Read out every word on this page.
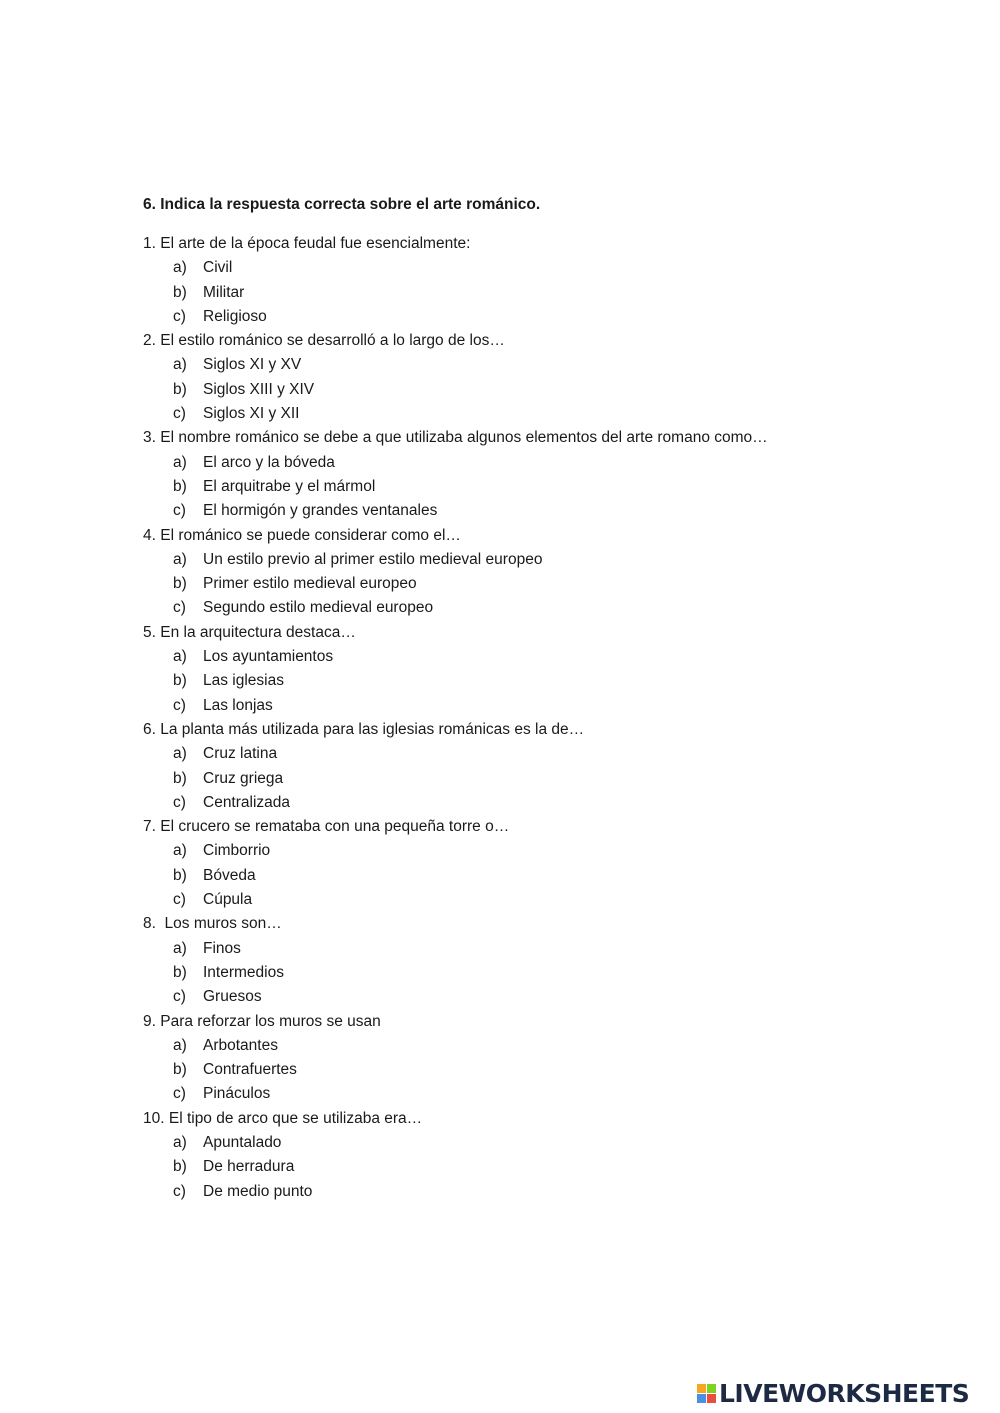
6. Indica la respuesta correcta sobre el arte románico.
1. El arte de la época feudal fue esencialmente:
a)	Civil
b)	Militar
c)	Religioso
2. El estilo románico se desarrolló a lo largo de los…
a)	Siglos XI y XV
b)	Siglos XIII y XIV
c)	Siglos XI y XII
3. El nombre románico se debe a que utilizaba algunos elementos del arte romano como…
a)	El arco y la bóveda
b)	El arquitrabe y el mármol
c)	El hormigón y grandes ventanales
4. El románico se puede considerar como el…
a)	Un estilo previo al primer estilo medieval europeo
b)	Primer estilo medieval europeo
c)	Segundo estilo medieval europeo
5. En la arquitectura destaca…
a)	Los ayuntamientos
b)	Las iglesias
c)	Las lonjas
6. La planta más utilizada para las iglesias románicas es la de…
a)	Cruz latina
b)	Cruz griega
c)	Centralizada
7. El crucero se remataba con una pequeña torre o…
a)	Cimborrio
b)	Bóveda
c)	Cúpula
8.  Los muros son…
a)	Finos
b)	Intermedios
c)	Gruesos
9. Para reforzar los muros se usan
a)	Arbotantes
b)	Contrafuertes
c)	Pináculos
10. El tipo de arco que se utilizaba era…
a)	Apuntalado
b)	De herradura
c)	De medio punto
LIVEWORKSHEETS
